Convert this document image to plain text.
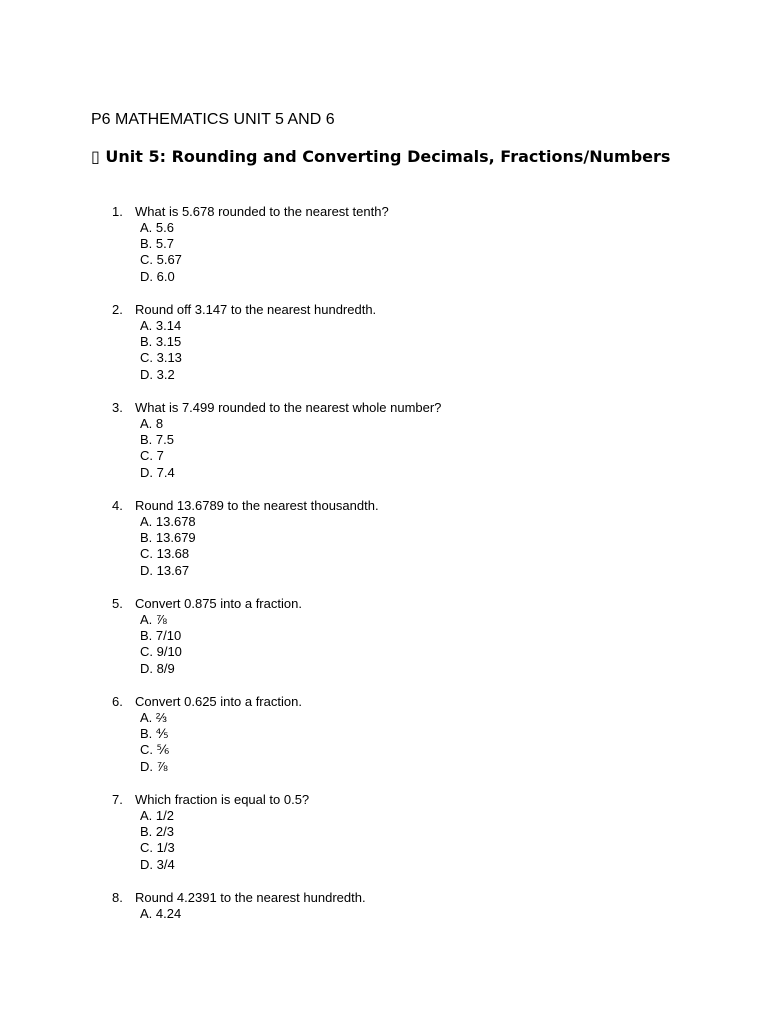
P6 MATHEMATICS UNIT 5 AND 6
▯ Unit 5: Rounding and Converting Decimals, Fractions/Numbers
1. What is 5.678 rounded to the nearest tenth?
A. 5.6
B. 5.7
C. 5.67
D. 6.0
2. Round off 3.147 to the nearest hundredth.
A. 3.14
B. 3.15
C. 3.13
D. 3.2
3. What is 7.499 rounded to the nearest whole number?
A. 8
B. 7.5
C. 7
D. 7.4
4. Round 13.6789 to the nearest thousandth.
A. 13.678
B. 13.679
C. 13.68
D. 13.67
5. Convert 0.875 into a fraction.
A. ⅞
B. 7/10
C. 9/10
D. 8/9
6. Convert 0.625 into a fraction.
A. ⅔
B. ⅘
C. ⅚
D. ⅞
7. Which fraction is equal to 0.5?
A. 1/2
B. 2/3
C. 1/3
D. 3/4
8. Round 4.2391 to the nearest hundredth.
A. 4.24
